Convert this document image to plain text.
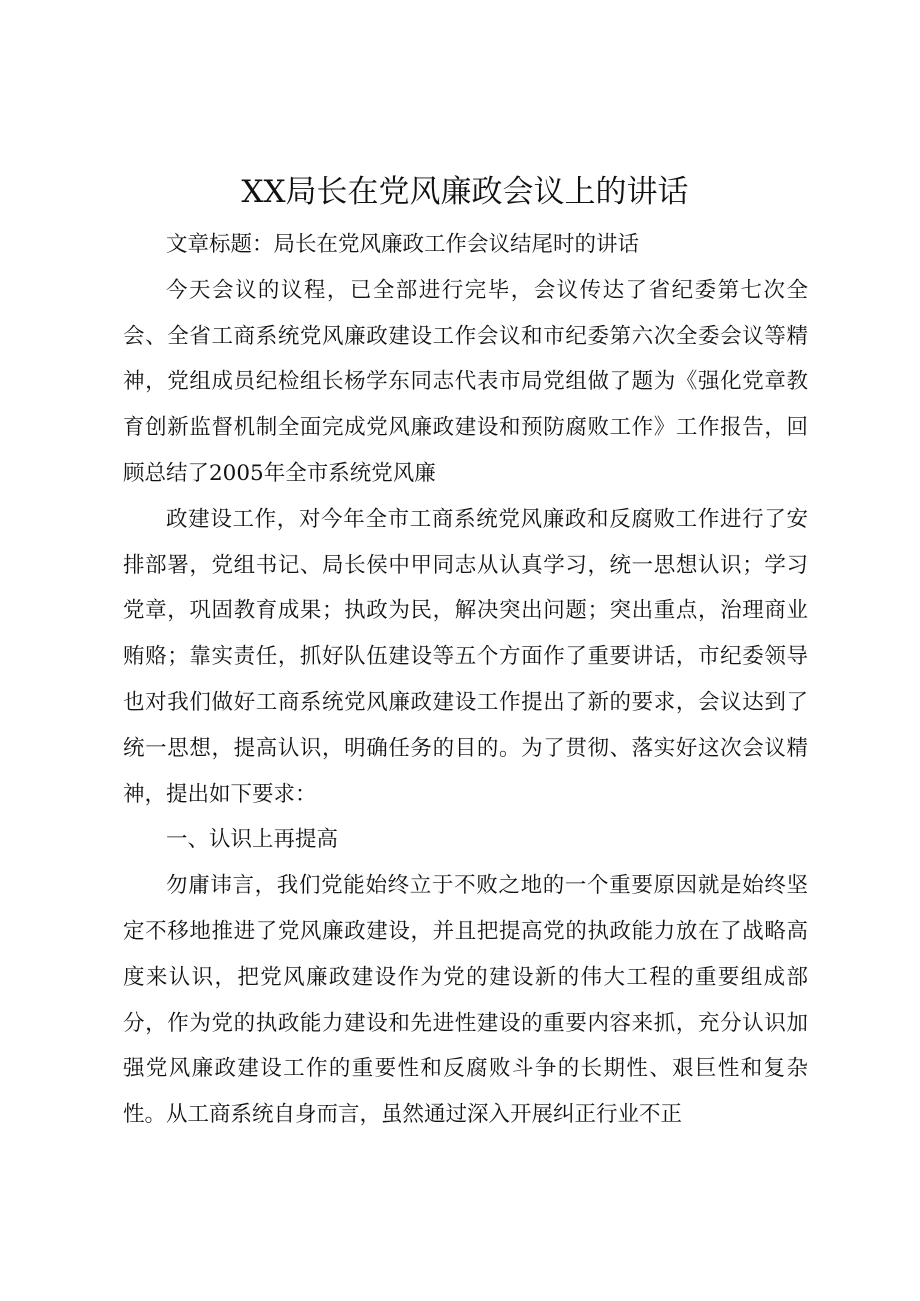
XX局长在党风廉政会议上的讲话

文章标题：局长在党风廉政工作会议结尾时的讲话

今天会议的议程，已全部进行完毕，会议传达了省纪委第七次全会、全省工商系统党风廉政建设工作会议和市纪委第六次全委会议等精神，党组成员纪检组长杨学东同志代表市局党组做了题为《强化党章教育创新监督机制全面完成党风廉政建设和预防腐败工作》工作报告，回顾总结了2005年全市系统党风廉

政建设工作，对今年全市工商系统党风廉政和反腐败工作进行了安排部署，党组书记、局长侯中甲同志从认真学习，统一思想认识；学习党章，巩固教育成果；执政为民，解决突出问题；突出重点，治理商业贿赂；靠实责任，抓好队伍建设等五个方面作了重要讲话，市纪委领导也对我们做好工商系统党风廉政建设工作提出了新的要求，会议达到了统一思想，提高认识，明确任务的目的。为了贯彻、落实好这次会议精神，提出如下要求：

一、认识上再提高

勿庸讳言，我们党能始终立于不败之地的一个重要原因就是始终坚定不移地推进了党风廉政建设，并且把提高党的执政能力放在了战略高度来认识，把党风廉政建设作为党的建设新的伟大工程的重要组成部分，作为党的执政能力建设和先进性建设的重要内容来抓，充分认识加强党风廉政建设工作的重要性和反腐败斗争的长期性、艰巨性和复杂性。从工商系统自身而言，虽然通过深入开展纠正行业不正
